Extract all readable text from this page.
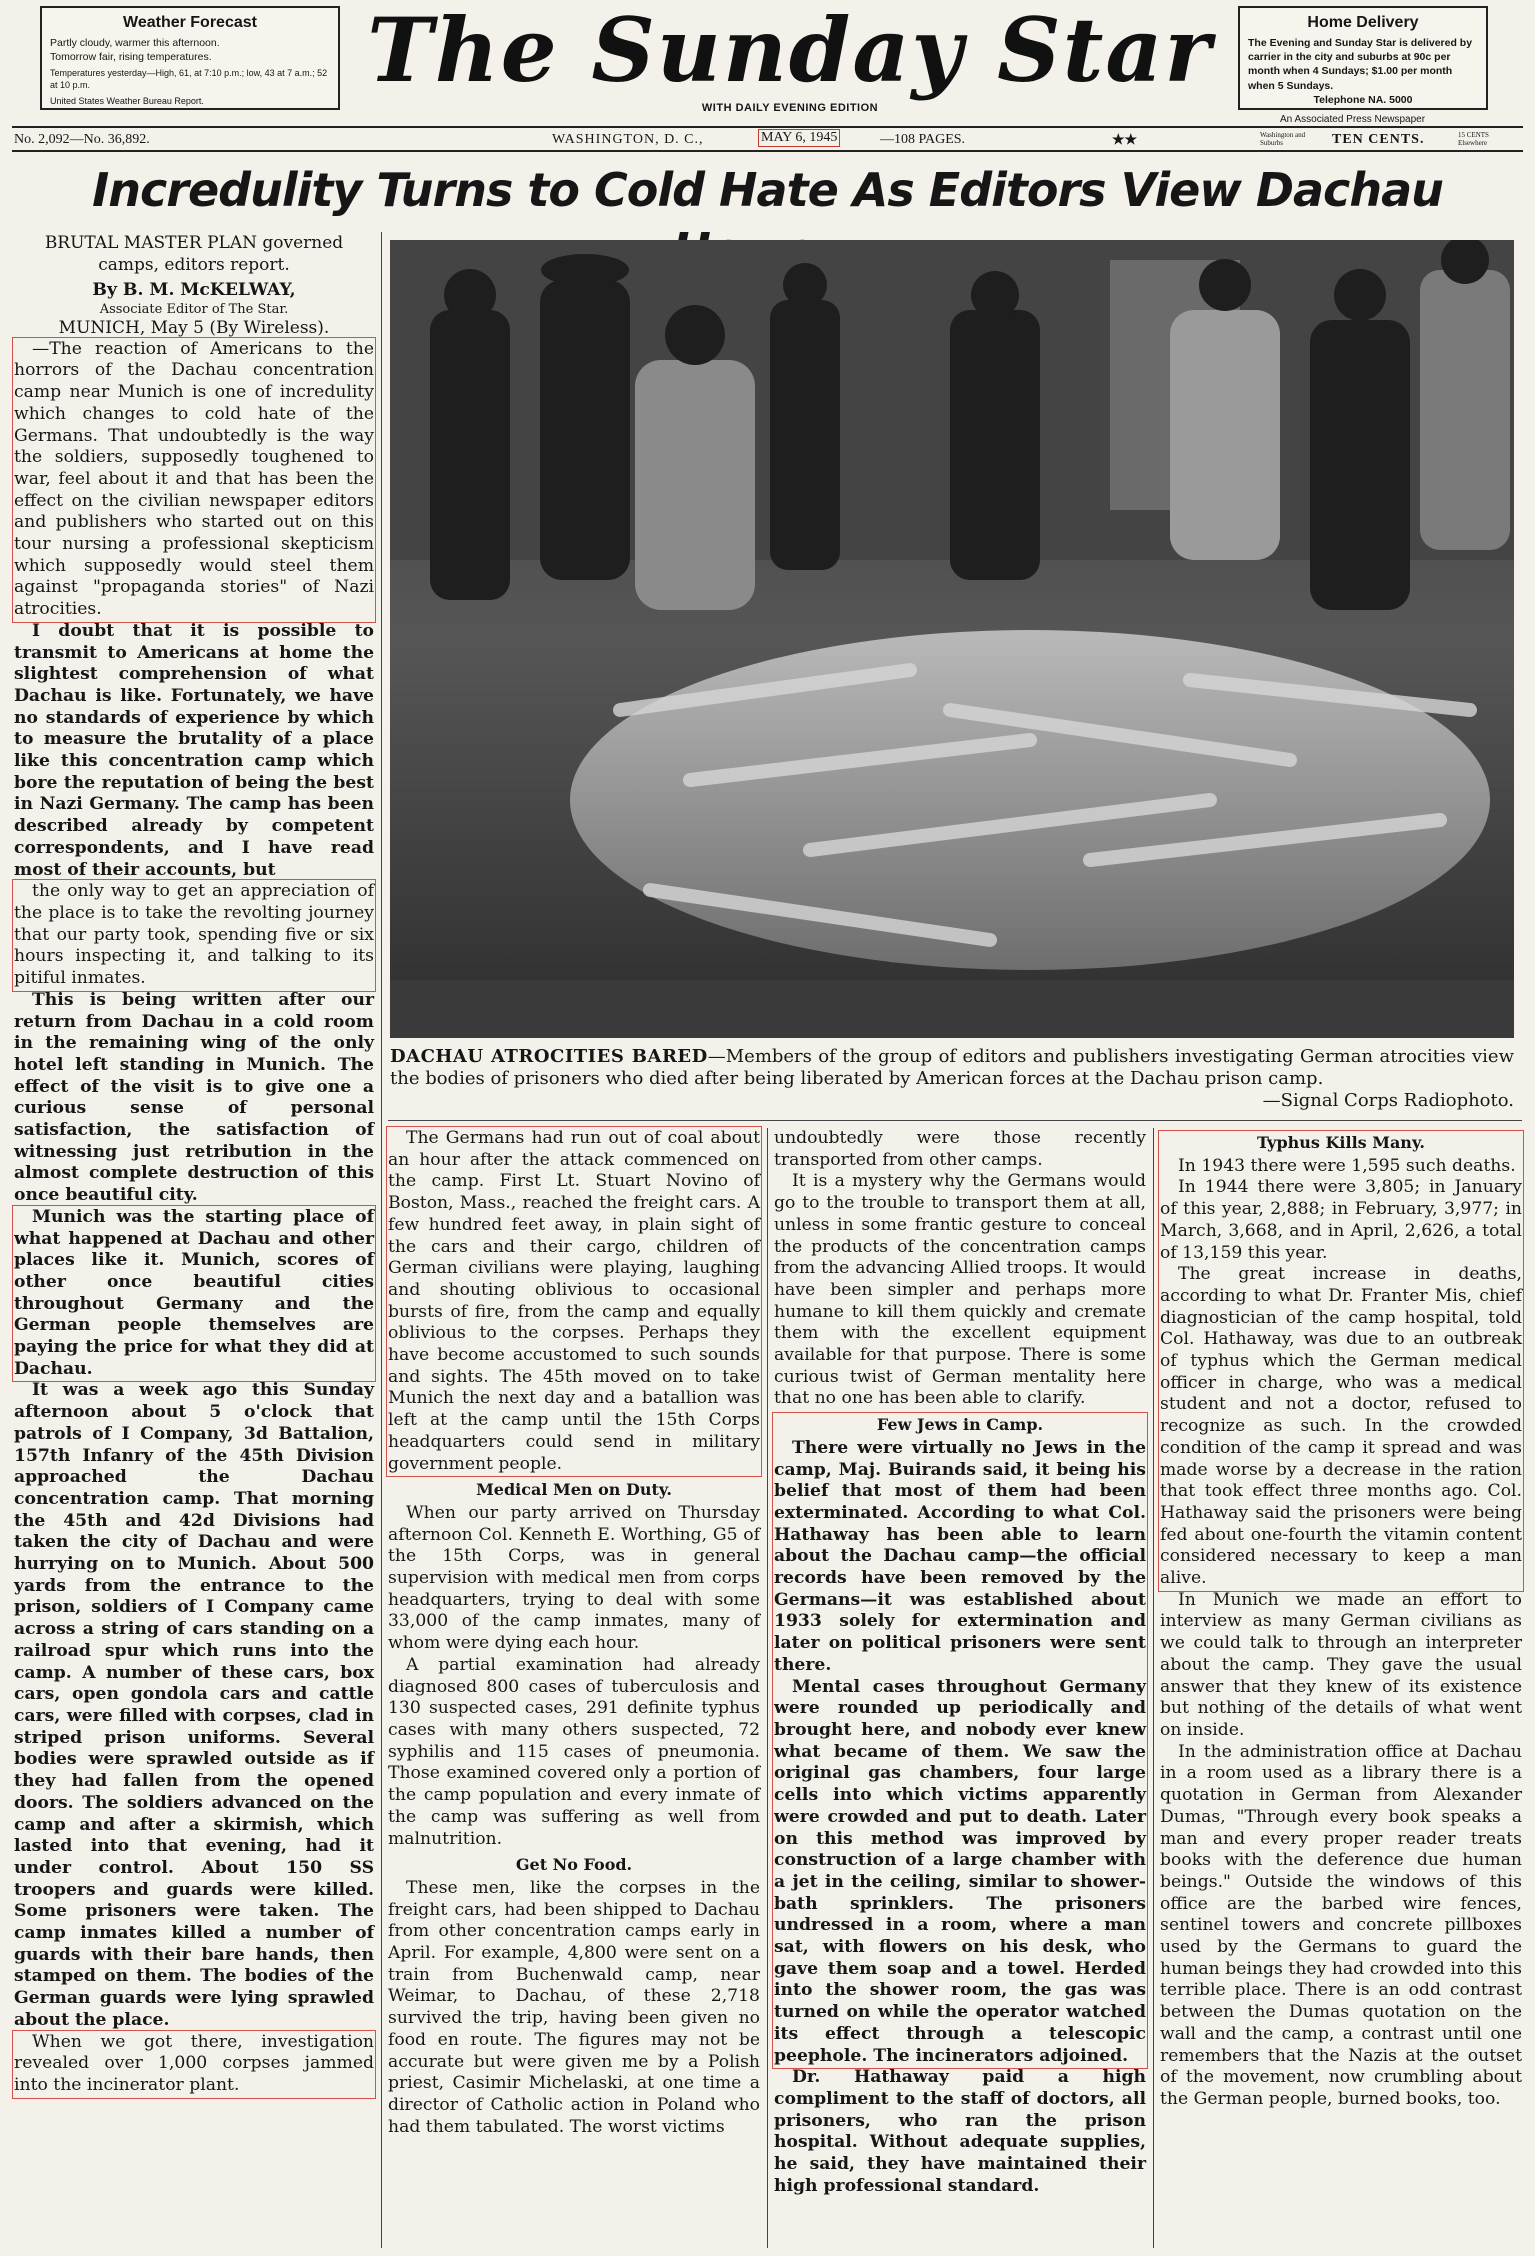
Weather Forecast

Partly cloudy, warmer this afternoon.

Tomorrow fair, rising temperatures.

Temperatures yesterday—High, 61, at 7:10 p.m.; low, 43 at 7 a.m.; 52 at 10 p.m.

United States Weather Bureau Report.	The Sunday Star
WITH DAILY EVENING EDITION
Home Delivery

The Evening and Sunday Star is delivered by carrier in the city and suburbs at 90c per month when 4 Sundays; $1.00 per month when 5 Sundays.

Telephone NA. 5000

An Associated Press Newspaper
No. 2,092—No. 36,892.	WASHINGTON, D. C.,	MAY 6, 1945	—108 PAGES.	★★	Washington and Suburbs	TEN CENTS.	15 CENTS Elsewhere
Incredulity Turns to Cold Hate As Editors View Dachau
DACHAU ATROCITIES BARED—Members of the group of editors and publishers investigating German atrocities view the bodies of prisoners who died after being liberated by American forces at the Dachau prison camp.
—Signal Corps Radiophoto.

BRUTAL MASTER PLAN governed camps, editors report.

By B. M. McKELWAY,

Associate Editor of The Star.

MUNICH, May 5 (By Wireless).

—The reaction of Americans to the horrors of the Dachau concentration camp near Munich is one of incredulity which changes to cold hate of the Germans. That undoubtedly is the way the soldiers, supposedly toughened to war, feel about it and that has been the effect on the civilian newspaper editors and publishers who started out on this tour nursing a professional skepticism which supposedly would steel them against "propaganda stories" of Nazi atrocities.

I doubt that it is possible to transmit to Americans at home the slightest comprehension of what Dachau is like. Fortunately, we have no standards of experience by which to measure the brutality of a place like this concentration camp which bore the reputation of being the best in Nazi Germany. The camp has been described already by competent correspondents, and I have read most of their accounts, but

the only way to get an appreciation of the place is to take the revolting journey that our party took, spending five or six hours inspecting it, and talking to its pitiful inmates.

This is being written after our return from Dachau in a cold room in the remaining wing of the only hotel left standing in Munich. The effect of the visit is to give one a curious sense of personal satisfaction, the satisfaction of witnessing just retribution in the almost complete destruction of this once beautiful city.

Munich was the starting place of what happened at Dachau and other places like it. Munich, scores of other once beautiful cities throughout Germany and the German people themselves are paying the price for what they did at Dachau.

It was a week ago this Sunday afternoon about 5 o'clock that patrols of I Company, 3d Battalion, 157th Infanry of the 45th Division approached the Dachau concentration camp. That morning the 45th and 42d Divisions had taken the city of Dachau and were hurrying on to Munich. About 500 yards from the entrance to the prison, soldiers of I Company came across a string of cars standing on a railroad spur which runs into the camp. A number of these cars, box cars, open gondola cars and cattle cars, were filled with corpses, clad in striped prison uniforms. Several bodies were sprawled outside as if they had fallen from the opened doors. The soldiers advanced on the camp and after a skirmish, which lasted into that evening, had it under control. About 150 SS troopers and guards were killed. Some prisoners were taken. The camp inmates killed a number of guards with their bare hands, then stamped on them. The bodies of the German guards were lying sprawled about the place.

When we got there, investigation revealed over 1,000 corpses jammed into the incinerator plant.

The Germans had run out of coal about an hour after the attack commenced on the camp. First Lt. Stuart Novino of Boston, Mass., reached the freight cars. A few hundred feet away, in plain sight of the cars and their cargo, children of German civilians were playing, laughing and shouting oblivious to occasional bursts of fire, from the camp and equally oblivious to the corpses. Perhaps they have become accustomed to such sounds and sights. The 45th moved on to take Munich the next day and a batallion was left at the camp until the 15th Corps headquarters could send in military government people.

Medical Men on Duty.

When our party arrived on Thursday afternoon Col. Kenneth E. Worthing, G5 of the 15th Corps, was in general supervision with medical men from corps headquarters, trying to deal with some 33,000 of the camp inmates, many of whom were dying each hour.

A partial examination had already diagnosed 800 cases of tuberculosis and 130 suspected cases, 291 definite typhus cases with many others suspected, 72 syphilis and 115 cases of pneumonia. Those examined covered only a portion of the camp population and every inmate of the camp was suffering as well from malnutrition.

Get No Food.

These men, like the corpses in the freight cars, had been shipped to Dachau from other concentration camps early in April. For example, 4,800 were sent on a train from Buchenwald camp, near Weimar, to Dachau, of these 2,718 survived the trip, having been given no food en route. The figures may not be accurate but were given me by a Polish priest, Casimir Michelaski, at one time a director of Catholic action in Poland who had them tabulated. The worst victims

undoubtedly were those recently transported from other camps.

It is a mystery why the Germans would go to the trouble to transport them at all, unless in some frantic gesture to conceal the products of the concentration camps from the advancing Allied troops. It would have been simpler and perhaps more humane to kill them quickly and cremate them with the excellent equipment available for that purpose. There is some curious twist of German mentality here that no one has been able to clarify.

Few Jews in Camp.

There were virtually no Jews in the camp, Maj. Buirands said, it being his belief that most of them had been exterminated. According to what Col. Hathaway has been able to learn about the Dachau camp—the official records have been removed by the Germans—it was established about 1933 solely for extermination and later on political prisoners were sent there.

Mental cases throughout Germany were rounded up periodically and brought here, and nobody ever knew what became of them. We saw the original gas chambers, four large cells into which victims apparently were crowded and put to death. Later on this method was improved by construction of a large chamber with a jet in the ceiling, similar to shower-bath sprinklers. The prisoners undressed in a room, where a man sat, with flowers on his desk, who gave them soap and a towel. Herded into the shower room, the gas was turned on while the operator watched its effect through a telescopic peephole. The incinerators adjoined.

Dr. Hathaway paid a high compliment to the staff of doctors, all prisoners, who ran the prison hospital. Without adequate supplies, he said, they have maintained their high professional standard.

Typhus Kills Many.

In 1943 there were 1,595 such deaths.

In 1944 there were 3,805; in January of this year, 2,888; in February, 3,977; in March, 3,668, and in April, 2,626, a total of 13,159 this year.

The great increase in deaths, according to what Dr. Franter Mis, chief diagnostician of the camp hospital, told Col. Hathaway, was due to an outbreak of typhus which the German medical officer in charge, who was a medical student and not a doctor, refused to recognize as such. In the crowded condition of the camp it spread and was made worse by a decrease in the ration that took effect three months ago. Col. Hathaway said the prisoners were being fed about one-fourth the vitamin content considered necessary to keep a man alive.

In Munich we made an effort to interview as many German civilians as we could talk to through an interpreter about the camp. They gave the usual answer that they knew of its existence but nothing of the details of what went on inside.

In the administration office at Dachau in a room used as a library there is a quotation in German from Alexander Dumas, "Through every book speaks a man and every proper reader treats books with the deference due human beings." Outside the windows of this office are the barbed wire fences, sentinel towers and concrete pillboxes used by the Germans to guard the human beings they had crowded into this terrible place. There is an odd contrast between the Dumas quotation on the wall and the camp, a contrast until one remembers that the Nazis at the outset of the movement, now crumbling about the German people, burned books, too.
